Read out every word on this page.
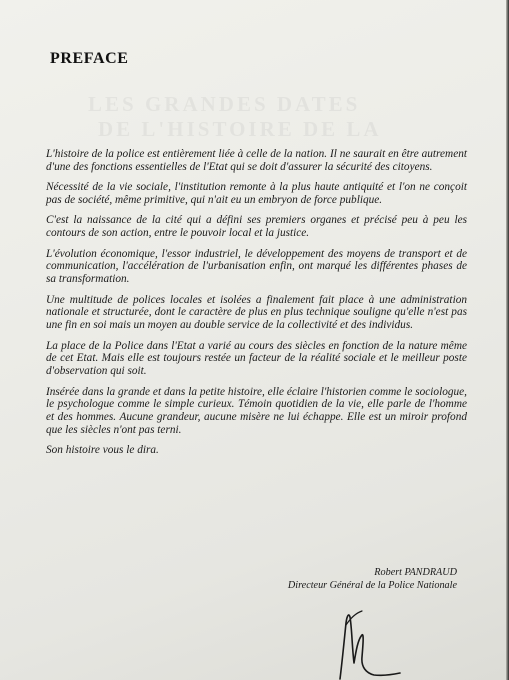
PREFACE

L'histoire de la police est entièrement liée à celle de la nation. Il ne saurait en être autrement d'une des fonctions essentielles de l'Etat qui se doit d'assurer la sécurité des citoyens.

Nécessité de la vie sociale, l'institution remonte à la plus haute antiquité et l'on ne conçoit pas de société, même primitive, qui n'ait eu un embryon de force publique.

C'est la naissance de la cité qui a défini ses premiers organes et précisé peu à peu les contours de son action, entre le pouvoir local et la justice.

L'évolution économique, l'essor industriel, le développement des moyens de transport et de communication, l'accélération de l'urbanisation enfin, ont marqué les différentes phases de sa transformation.

Une multitude de polices locales et isolées a finalement fait place à une administration nationale et structurée, dont le caractère de plus en plus technique souligne qu'elle n'est pas une fin en soi mais un moyen au double service de la collectivité et des individus.

La place de la Police dans l'Etat a varié au cours des siècles en fonction de la nature même de cet Etat. Mais elle est toujours restée un facteur de la réalité sociale et le meilleur poste d'observation qui soit.

Insérée dans la grande et dans la petite histoire, elle éclaire l'historien comme le sociologue, le psychologue comme le simple curieux. Témoin quotidien de la vie, elle parle de l'homme et des hommes. Aucune grandeur, aucune misère ne lui échappe. Elle est un miroir profond que les siècles n'ont pas terni.

Son histoire vous le dira.

Robert PANDRAUD
Directeur Général de la Police Nationale
